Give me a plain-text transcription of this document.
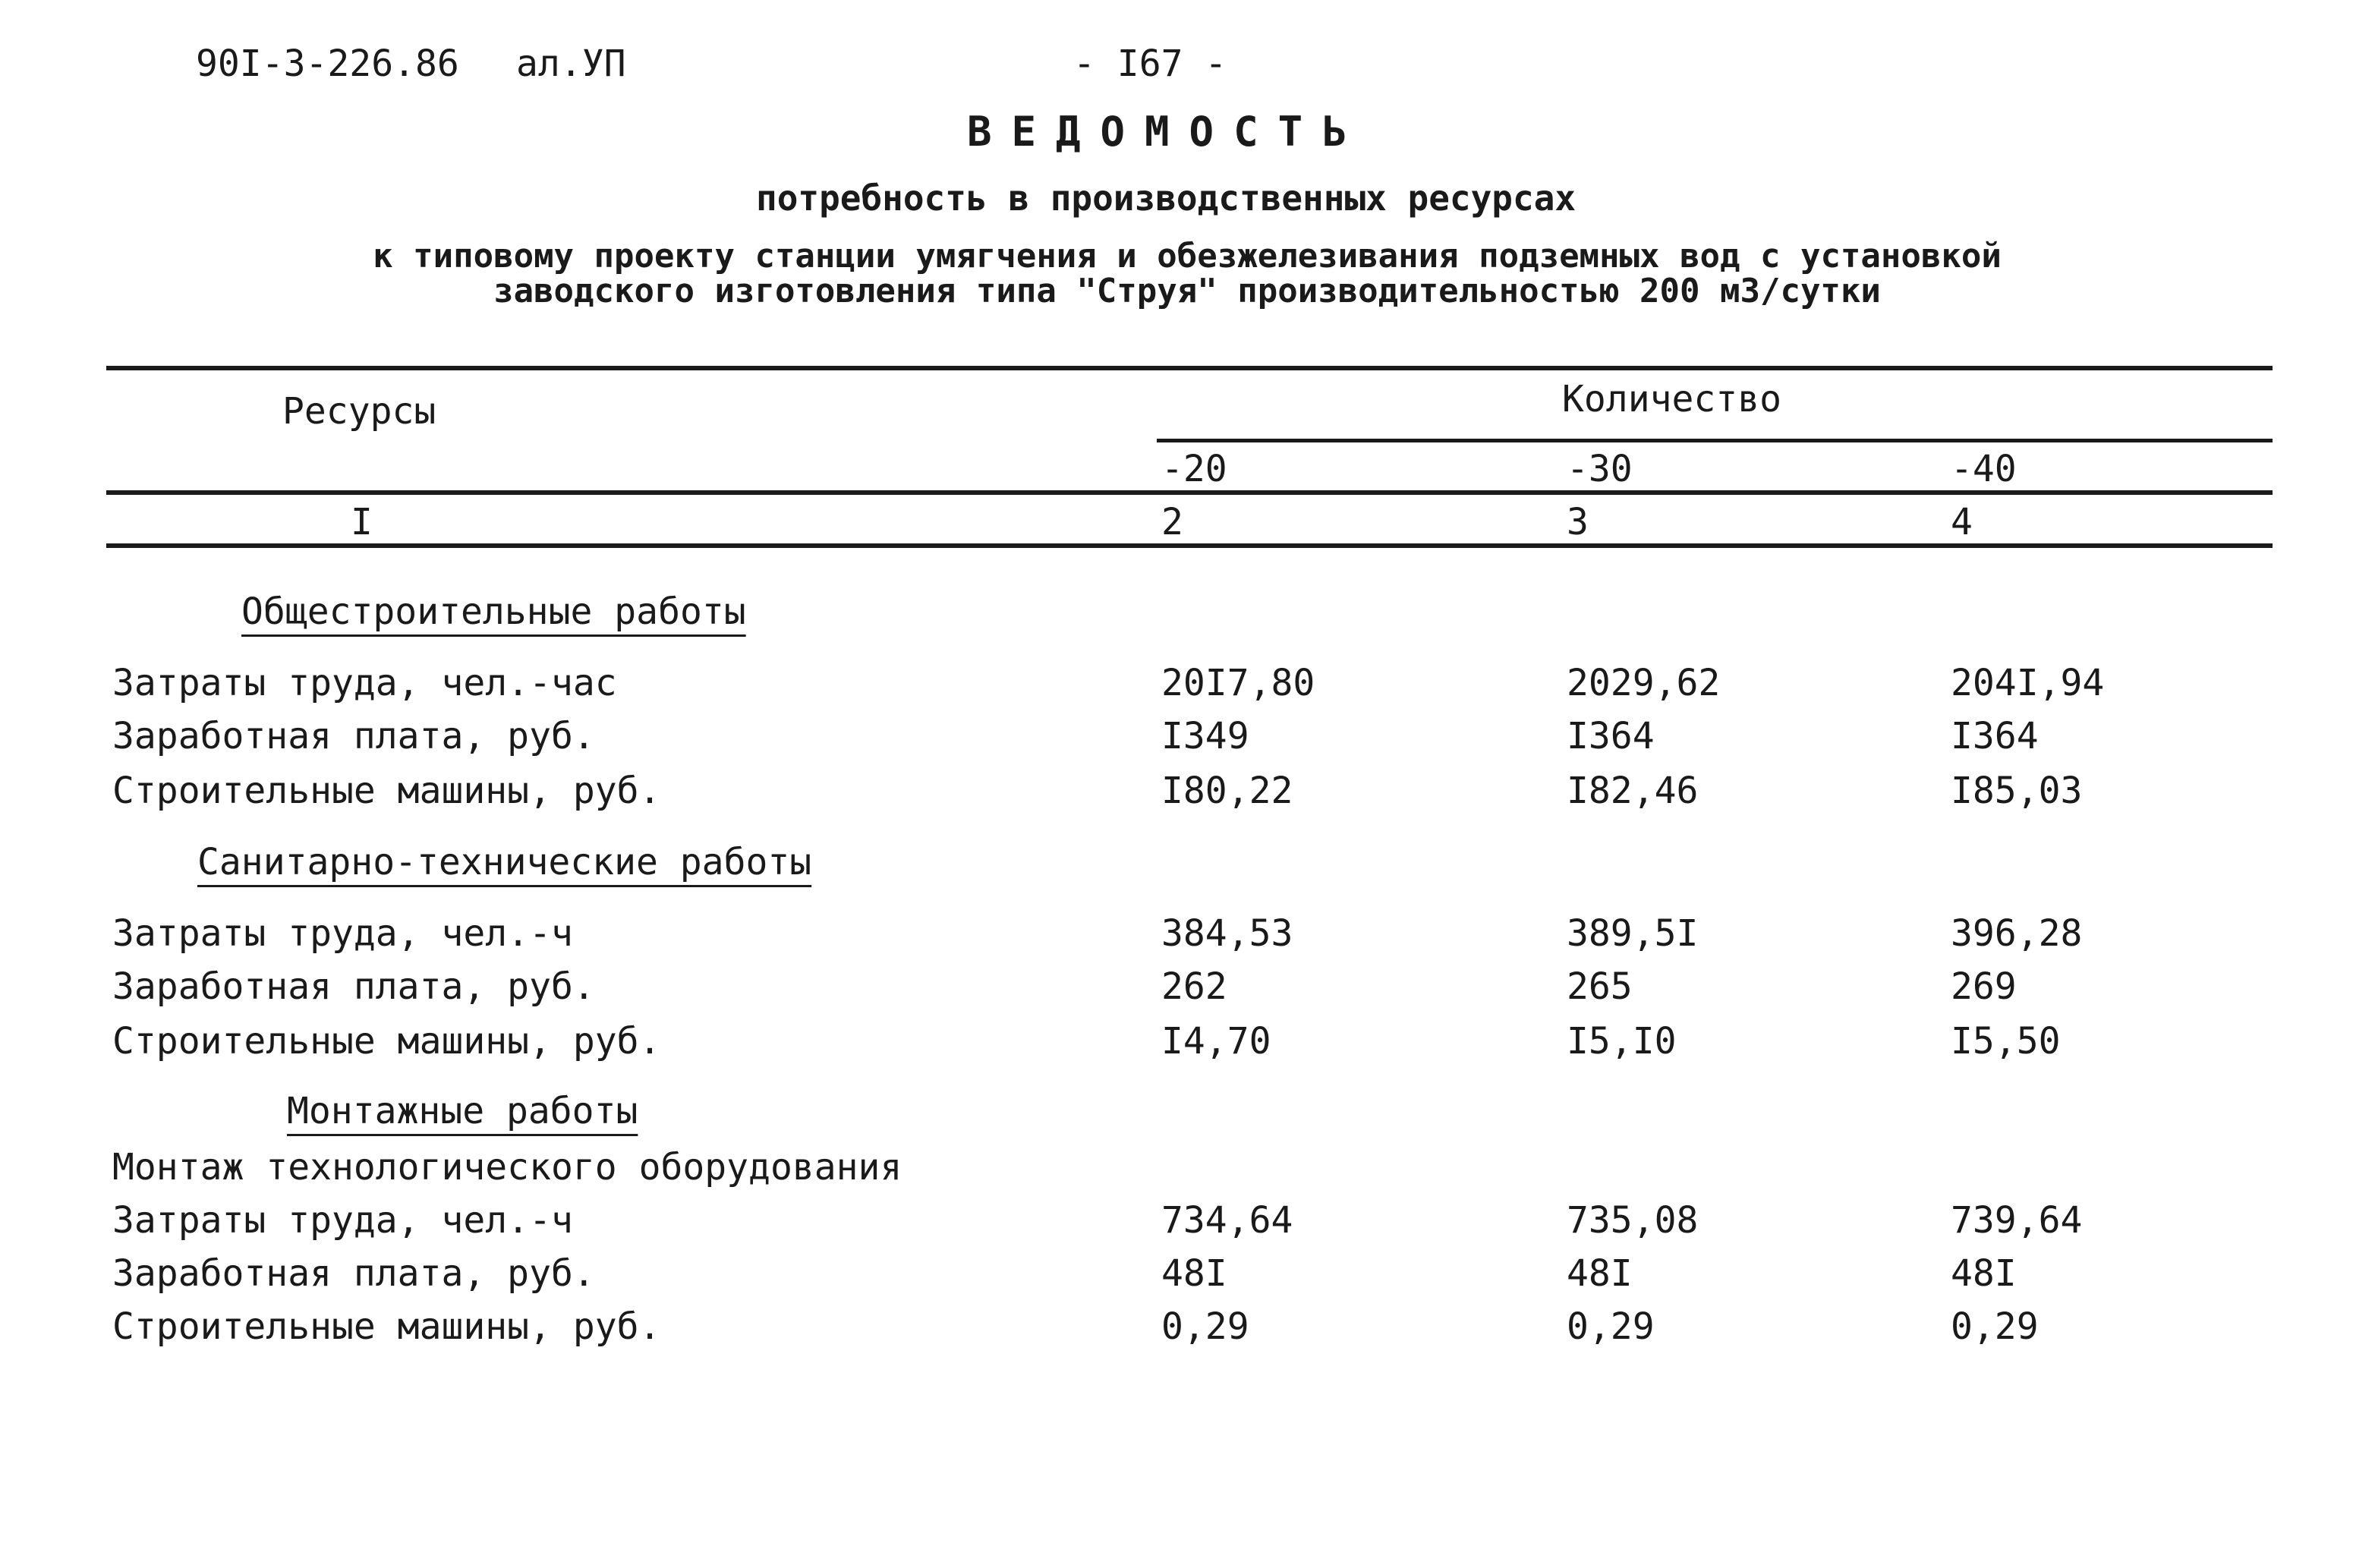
90I-3-226.86 ал.УП	- I67 -
ВЕДОМОСТЬ
потребность в производственных ресурсах
к типовому проекту станции умягчения и обезжелезивания подземных вод с установкой
заводского изготовления типа "Струя" производительностью 200 м3/сутки
Ресурсы	Количество
-20	-30	-40
I	2	3	4
Общестроительные работы
Затраты труда, чел.-час	20I7,80	2029,62	204I,94
Заработная плата, руб.	I349	I364	I364
Строительные машины, руб.	I80,22	I82,46	I85,03
Санитарно-технические работы
Затраты труда, чел.-ч	384,53	389,5I	396,28
Заработная плата, руб.	262	265	269
Строительные машины, руб.	I4,70	I5,I0	I5,50
Монтажные работы
Монтаж технологического оборудования
Затраты труда, чел.-ч	734,64	735,08	739,64
Заработная плата, руб.	48I	48I	48I
Строительные машины, руб.	0,29	0,29	0,29
